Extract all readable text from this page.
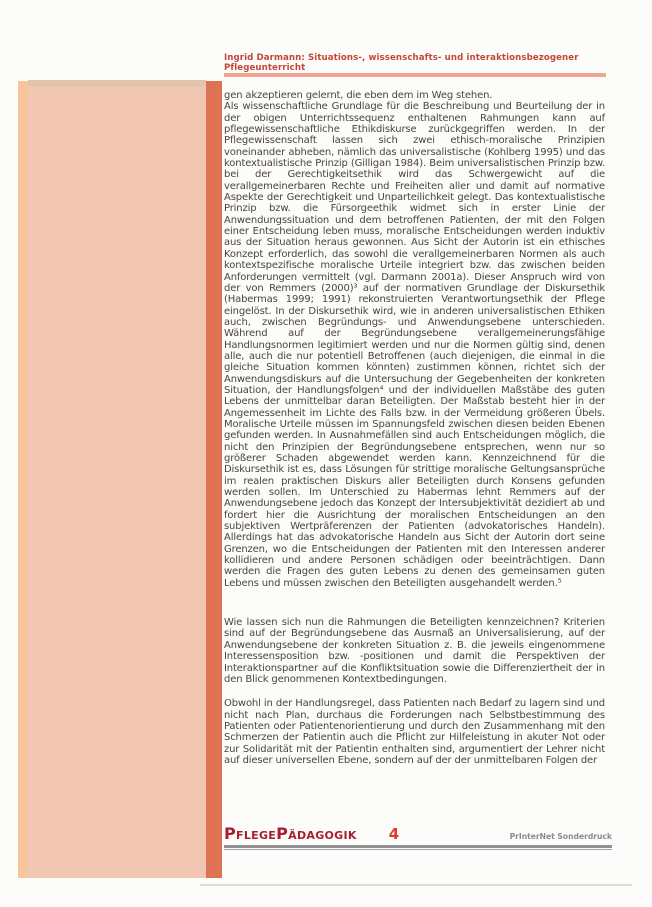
Ingrid Darmann: Situations-, wissenschafts- und interaktionsbezogener Pflegeunterricht

gen akzeptieren gelernt, die eben dem im Weg stehen.

Als wissenschaftliche Grundlage für die Beschreibung und Beurteilung der in der obigen Unterrichtssequenz enthaltenen Rahmungen kann auf pflegewissenschaftliche Ethikdiskurse zurückgegriffen werden. In der Pflegewissenschaft lassen sich zwei ethisch-moralische Prinzipien voneinander abheben, nämlich das universalistische (Kohlberg 1995) und das kontextualistische Prinzip (Gilligan 1984). Beim universalistischen Prinzip bzw. bei der Gerechtigkeitsethik wird das Schwergewicht auf die verallgemeinerbaren Rechte und Freiheiten aller und damit auf normative Aspekte der Gerechtigkeit und Unparteilichkeit gelegt. Das kontextualistische Prinzip bzw. die Fürsorgeethik widmet sich in erster Linie der Anwendungssituation und dem betroffenen Patienten, der mit den Folgen einer Entscheidung leben muss, moralische Entscheidungen werden induktiv aus der Situation heraus gewonnen. Aus Sicht der Autorin ist ein ethisches Konzept erforderlich, das sowohl die verallgemeinerbaren Normen als auch kontextspezifische moralische Urteile integriert bzw. das zwischen beiden Anforderungen vermittelt (vgl. Darmann 2001a). Dieser Anspruch wird von der von Remmers (2000)³ auf der normativen Grundlage der Diskursethik (Habermas 1999; 1991) rekonstruierten Verantwortungsethik der Pflege eingelöst. In der Diskursethik wird, wie in anderen universalistischen Ethiken auch, zwischen Begründungs- und Anwendungsebene unterschieden. Während auf der Begründungsebene verallgemeinerungsfähige Handlungsnormen legitimiert werden und nur die Normen gültig sind, denen alle, auch die nur potentiell Betroffenen (auch diejenigen, die einmal in die gleiche Situation kommen könnten) zustimmen können, richtet sich der Anwendungsdiskurs auf die Untersuchung der Gegebenheiten der konkreten Situation, der Handlungsfolgen⁴ und der individuellen Maßstäbe des guten Lebens der unmittelbar daran Beteiligten. Der Maßstab besteht hier in der Angemessenheit im Lichte des Falls bzw. in der Vermeidung größeren Übels. Moralische Urteile müssen im Spannungsfeld zwischen diesen beiden Ebenen gefunden werden. In Ausnahmefällen sind auch Entscheidungen möglich, die nicht den Prinzipien der Begründungsebene entsprechen, wenn nur so größerer Schaden abgewendet werden kann. Kennzeichnend für die Diskursethik ist es, dass Lösungen für strittige moralische Geltungsansprüche im realen praktischen Diskurs aller Beteiligten durch Konsens gefunden werden sollen. Im Unterschied zu Habermas lehnt Remmers auf der Anwendungsebene jedoch das Konzept der Intersubjektivität dezidiert ab und fordert hier die Ausrichtung der moralischen Entscheidungen an den subjektiven Wertpräferenzen der Patienten (advokatorisches Handeln). Allerdings hat das advokatorische Handeln aus Sicht der Autorin dort seine Grenzen, wo die Entscheidungen der Patienten mit den Interessen anderer kollidieren und andere Personen schädigen oder beeinträchtigen. Dann werden die Fragen des guten Lebens zu denen des gemeinsamen guten Lebens und müssen zwischen den Beteiligten ausgehandelt werden.⁵

Wie lassen sich nun die Rahmungen die Beteiligten kennzeichnen? Kriterien sind auf der Begründungsebene das Ausmaß an Universalisierung, auf der Anwendungsebene der konkreten Situation z. B. die jeweils eingenommene Interessensposition bzw. -positionen und damit die Perspektiven der Interaktionspartner auf die Konfliktsituation sowie die Differenziertheit der in den Blick genommenen Kontextbedingungen.

Obwohl in der Handlungsregel, dass Patienten nach Bedarf zu lagern sind und nicht nach Plan, durchaus die Forderungen nach Selbstbestimmung des Patienten oder Patientenorientierung und durch den Zusammenhang mit den Schmerzen der Patientin auch die Pflicht zur Hilfeleistung in akuter Not oder zur Solidarität mit der Patientin enthalten sind, argumentiert der Lehrer nicht auf dieser universellen Ebene, sondern auf der der unmittelbaren Folgen der

PflegePädagogik 4	PrInterNet Sonderdruck
